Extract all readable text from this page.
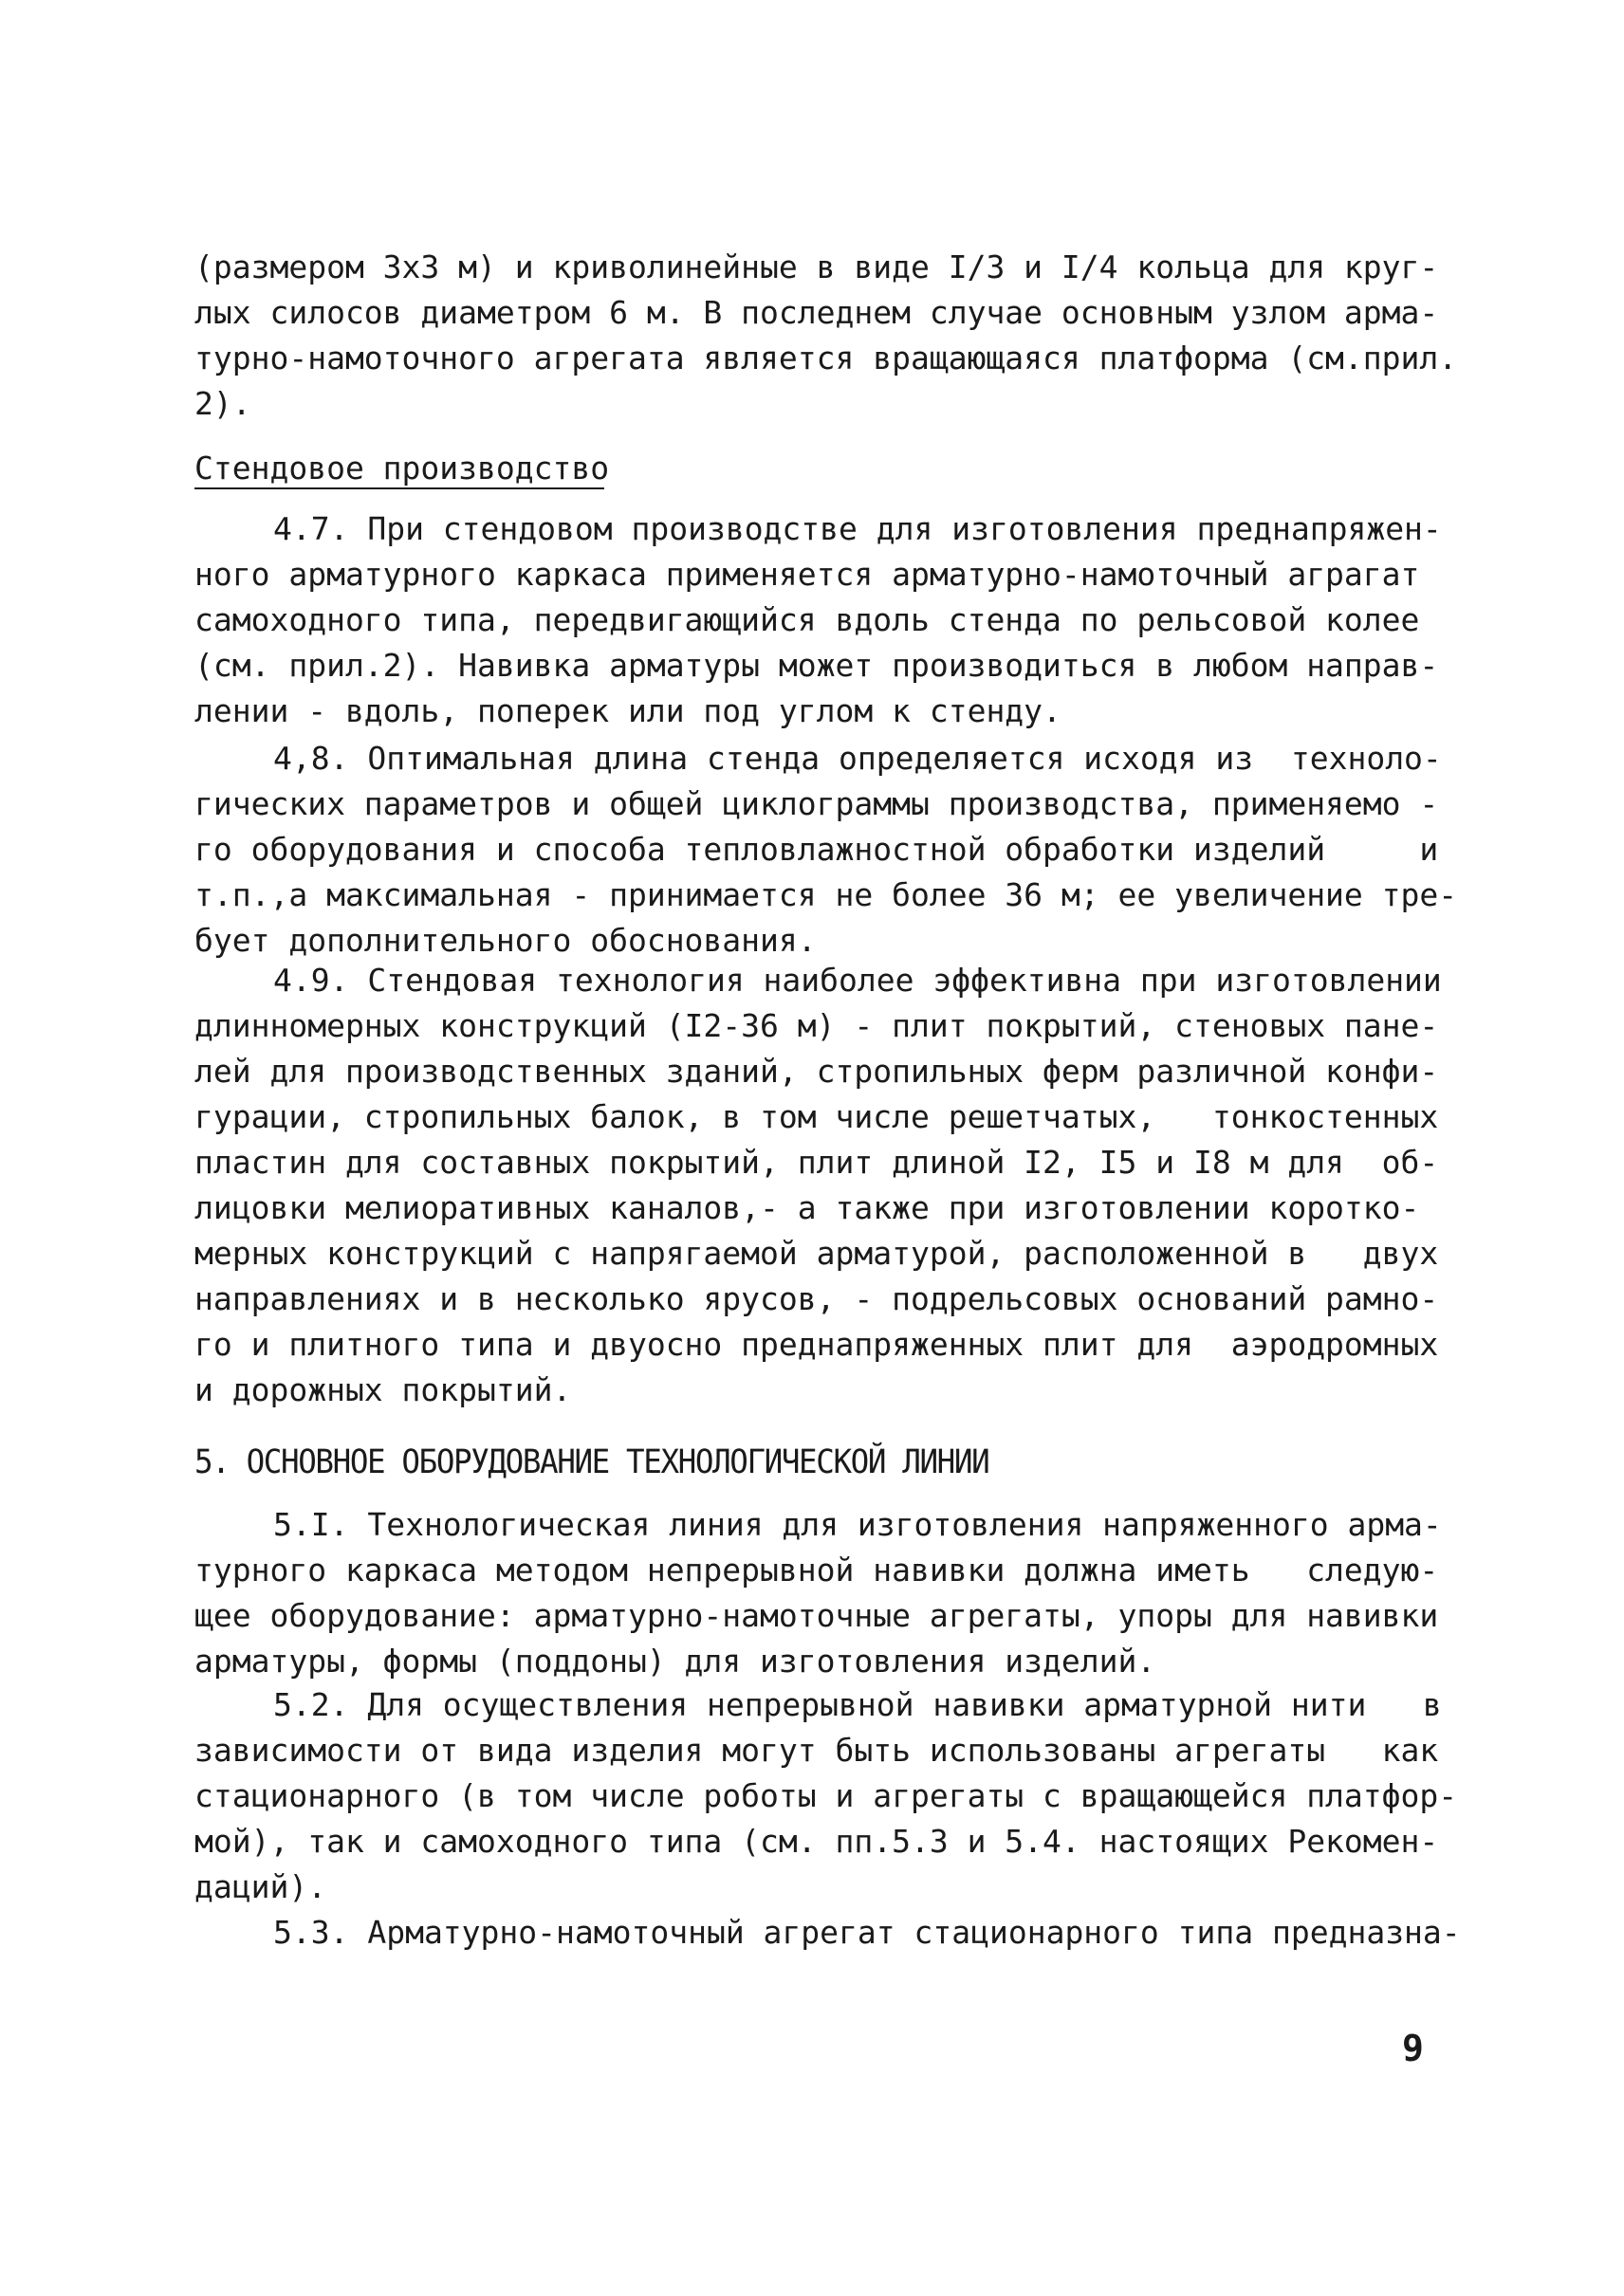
(размером 3х3 м) и криволинейные в виде I/3 и I/4 кольца для круг-
лых силосов диаметром 6 м. В последнем случае основным узлом арма-
турно-намоточного агрегата является вращающаяся платформа (см.прил.
2).
Стендовое производство
4.7. При стендовом производстве для изготовления преднапряжен-
ного арматурного каркаса применяется арматурно-намоточный аграгат
самоходного типа, передвигающийся вдоль стенда по рельсовой колее
(см. прил.2). Навивка арматуры может производиться в любом направ-
лении - вдоль, поперек или под углом к стенду.
4,8. Оптимальная длина стенда определяется исходя из  техноло-
гических параметров и общей циклограммы производства, применяемо -
го оборудования и способа тепловлажностной обработки изделий     и
т.п.,а максимальная - принимается не более 36 м; ее увеличение тре-
бует дополнительного обоснования.
4.9. Стендовая технология наиболее эффективна при изготовлении
длинномерных конструкций (I2-36 м) - плит покрытий, стеновых пане-
лей для производственных зданий, стропильных ферм различной конфи-
гурации, стропильных балок, в том числе решетчатых,   тонкостенных
пластин для составных покрытий, плит длиной I2, I5 и I8 м для  об-
лицовки мелиоративных каналов,- а также при изготовлении коротко-
мерных конструкций с напрягаемой арматурой, расположенной в   двух
направлениях и в несколько ярусов, - подрельсовых оснований рамно-
го и плитного типа и двуосно преднапряженных плит для  аэродромных
и дорожных покрытий.
5. ОСНОВНОЕ ОБОРУДОВАНИЕ ТЕХНОЛОГИЧЕСКОЙ ЛИНИИ
5.I. Технологическая линия для изготовления напряженного арма-
турного каркаса методом непрерывной навивки должна иметь   следую-
щее оборудование: арматурно-намоточные агрегаты, упоры для навивки
арматуры, формы (поддоны) для изготовления изделий.
5.2. Для осуществления непрерывной навивки арматурной нити   в
зависимости от вида изделия могут быть использованы агрегаты   как
стационарного (в том числе роботы и агрегаты с вращающейся платфор-
мой), так и самоходного типа (см. пп.5.3 и 5.4. настоящих Рекомен-
даций).
5.3. Арматурно-намоточный агрегат стационарного типа предназна-
9
